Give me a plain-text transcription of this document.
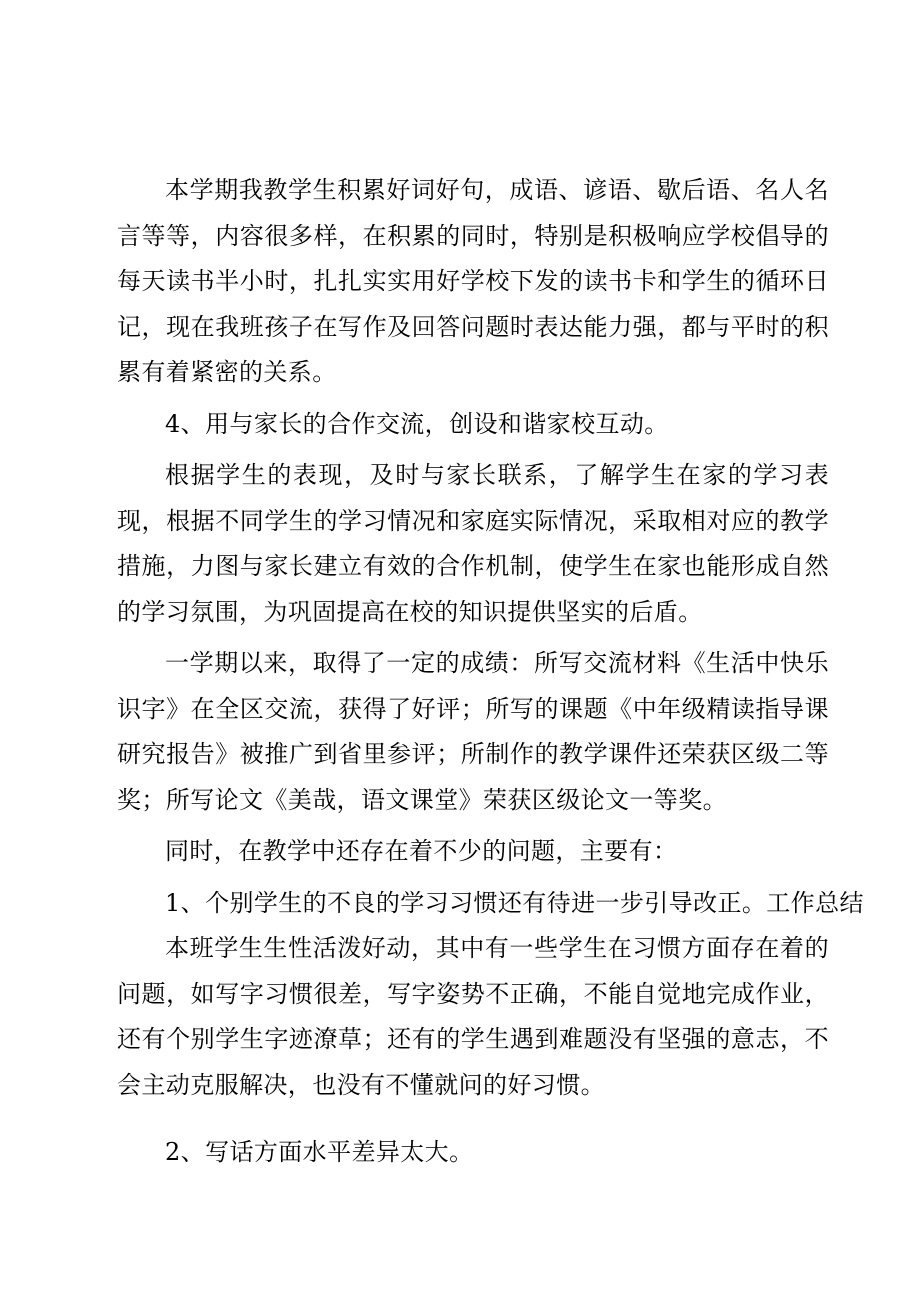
本学期我教学生积累好词好句，成语、谚语、歇后语、名人名言等等，内容很多样，在积累的同时，特别是积极响应学校倡导的每天读书半小时，扎扎实实用好学校下发的读书卡和学生的循环日记，现在我班孩子在写作及回答问题时表达能力强，都与平时的积累有着紧密的关系。

4、用与家长的合作交流，创设和谐家校互动。

根据学生的表现，及时与家长联系，了解学生在家的学习表现，根据不同学生的学习情况和家庭实际情况，采取相对应的教学措施，力图与家长建立有效的合作机制，使学生在家也能形成自然的学习氛围，为巩固提高在校的知识提供坚实的后盾。

一学期以来，取得了一定的成绩：所写交流材料《生活中快乐识字》在全区交流，获得了好评；所写的课题《中年级精读指导课研究报告》被推广到省里参评；所制作的教学课件还荣获区级二等奖；所写论文《美哉，语文课堂》荣获区级论文一等奖。

同时，在教学中还存在着不少的问题，主要有：

1、个别学生的不良的学习习惯还有待进一步引导改正。工作总结

本班学生生性活泼好动，其中有一些学生在习惯方面存在着的问题，如写字习惯很差，写字姿势不正确，不能自觉地完成作业，还有个别学生字迹潦草；还有的学生遇到难题没有坚强的意志，不会主动克服解决，也没有不懂就问的好习惯。

2、写话方面水平差异太大。
